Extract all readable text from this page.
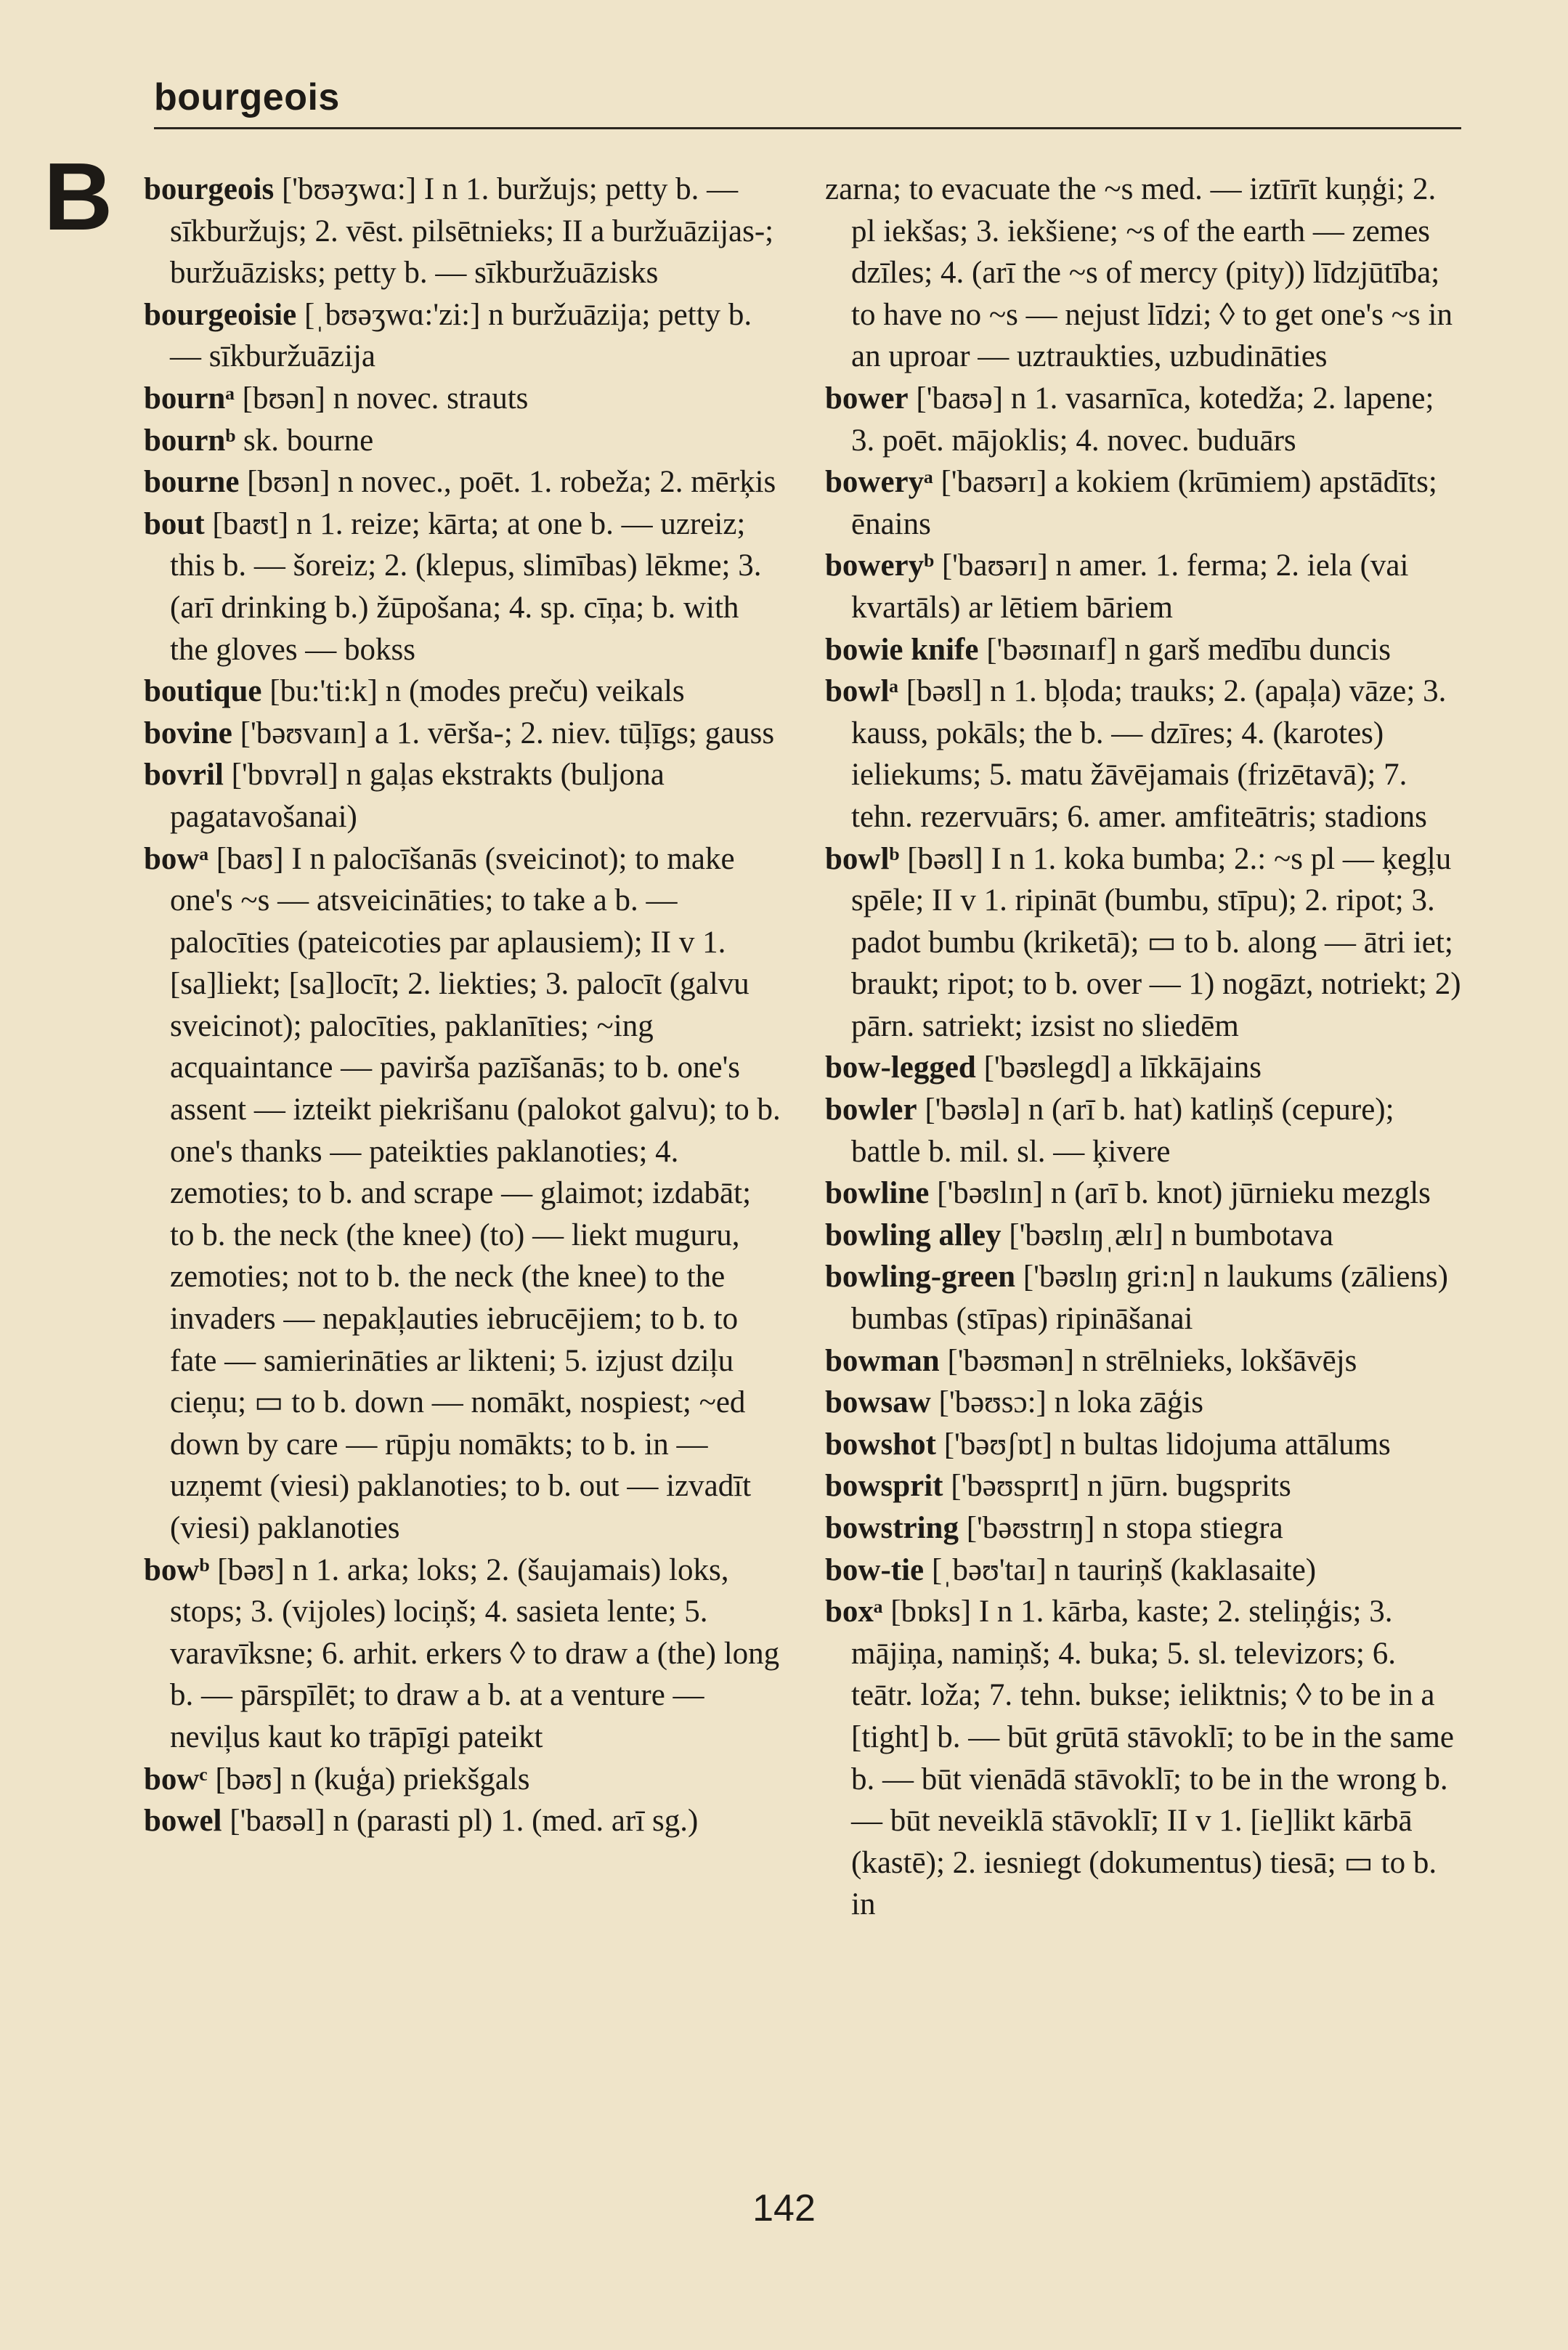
bourgeois
B bourgeois ['bʊəʒwɑ:] I n 1. buržujs; petty b. — sīkburžujs; 2. vēst. pilsētnieks; II a buržuāzijas-; buržuāzisks; petty b. — sīkburžuāzisks

bourgeoisie [ˌbʊəʒwɑ:'zi:] n buržuāzija; petty b. — sīkburžuāzija

bournᵃ [bʊən] n novec. strauts

bournᵇ sk. bourne

bourne [bʊən] n novec., poēt. 1. robeža; 2. mērķis

bout [baʊt] n 1. reize; kārta; at one b. — uzreiz; this b. — šoreiz; 2. (klepus, slimības) lēkme; 3. (arī drinking b.) žūpošana; 4. sp. cīņa; b. with the gloves — bokss

boutique [bu:'ti:k] n (modes preču) veikals

bovine ['bəʊvaɪn] a 1. vērša-; 2. niev. tūļīgs; gauss

bovril ['bɒvrəl] n gaļas ekstrakts (buljona pagatavošanai)

bowᵃ [baʊ] I n palocīšanās (sveicinot); to make one's ~s — atsveicināties; to take a b. — palocīties (pateicoties par aplausiem); II v 1. [sa]liekt; [sa]locīt; 2. liekties; 3. palocīt (galvu sveicinot); palocīties, paklanīties; ~ing acquaintance — pavirša pazīšanās; to b. one's assent — izteikt piekrišanu (palokot galvu); to b. one's thanks — pateikties paklanoties; 4. zemoties; to b. and scrape — glaimot; izdabāt; to b. the neck (the knee) (to) — liekt muguru, zemoties; not to b. the neck (the knee) to the invaders — nepakļauties iebrucējiem; to b. to fate — samierināties ar likteni; 5. izjust dziļu cieņu; ▭ to b. down — nomākt, nospiest; ~ed down by care — rūpju nomākts; to b. in — uzņemt (viesi) paklanoties; to b. out — izvadīt (viesi) paklanoties

bowᵇ [bəʊ] n 1. arka; loks; 2. (šaujamais) loks, stops; 3. (vijoles) lociņš; 4. sasieta lente; 5. varavīksne; 6. arhit. erkers ◊ to draw a (the) long b. — pārspīlēt; to draw a b. at a venture — neviļus kaut ko trāpīgi pateikt

bowᶜ [bəʊ] n (kuģa) priekšgals

bowel ['baʊəl] n (parasti pl) 1. (med. arī sg.)

zarna; to evacuate the ~s med. — iztīrīt kuņģi; 2. pl iekšas; 3. iekšiene; ~s of the earth — zemes dzīles; 4. (arī the ~s of mercy (pity)) līdzjūtība; to have no ~s — nejust līdzi; ◊ to get one's ~s in an uproar — uztraukties, uzbudināties

bower ['baʊə] n 1. vasarnīca, kotedža; 2. lapene; 3. poēt. mājoklis; 4. novec. buduārs

boweryᵃ ['baʊərɪ] a kokiem (krūmiem) apstādīts; ēnains

boweryᵇ ['baʊərɪ] n amer. 1. ferma; 2. iela (vai kvartāls) ar lētiem bāriem

bowie knife ['bəʊɪnaɪf] n garš medību duncis

bowlᵃ [bəʊl] n 1. bļoda; trauks; 2. (apaļa) vāze; 3. kauss, pokāls; the b. — dzīres; 4. (karotes) ieliekums; 5. matu žāvējamais (frizētavā); 7. tehn. rezervuārs; 6. amer. amfiteātris; stadions

bowlᵇ [bəʊl] I n 1. koka bumba; 2.: ~s pl — ķegļu spēle; II v 1. ripināt (bumbu, stīpu); 2. ripot; 3. padot bumbu (kriketā); ▭ to b. along — ātri iet; braukt; ripot; to b. over — 1) nogāzt, notriekt; 2) pārn. satriekt; izsist no sliedēm

bow-legged ['bəʊlegd] a līkkājains

bowler ['bəʊlə] n (arī b. hat) katliņš (cepure); battle b. mil. sl. — ķivere

bowline ['bəʊlɪn] n (arī b. knot) jūrnieku mezgls

bowling alley ['bəʊlɪŋˌælɪ] n bumbotava

bowling-green ['bəʊlɪŋ gri:n] n laukums (zāliens) bumbas (stīpas) ripināšanai

bowman ['bəʊmən] n strēlnieks, lokšāvējs

bowsaw ['bəʊsɔ:] n loka zāģis

bowshot ['bəʊʃɒt] n bultas lidojuma attālums

bowsprit ['bəʊsprɪt] n jūrn. bugsprits

bowstring ['bəʊstrɪŋ] n stopa stiegra

bow-tie [ˌbəʊ'taɪ] n tauriņš (kaklasaite)

boxᵃ [bɒks] I n 1. kārba, kaste; 2. steliņģis; 3. mājiņa, namiņš; 4. buka; 5. sl. televizors; 6. teātr. loža; 7. tehn. bukse; ieliktnis; ◊ to be in a [tight] b. — būt grūtā stāvoklī; to be in the same b. — būt vienādā stāvoklī; to be in the wrong b. — būt neveiklā stāvoklī; II v 1. [ie]likt kārbā (kastē); 2. iesniegt (dokumentus) tiesā; ▭ to b. in

142
